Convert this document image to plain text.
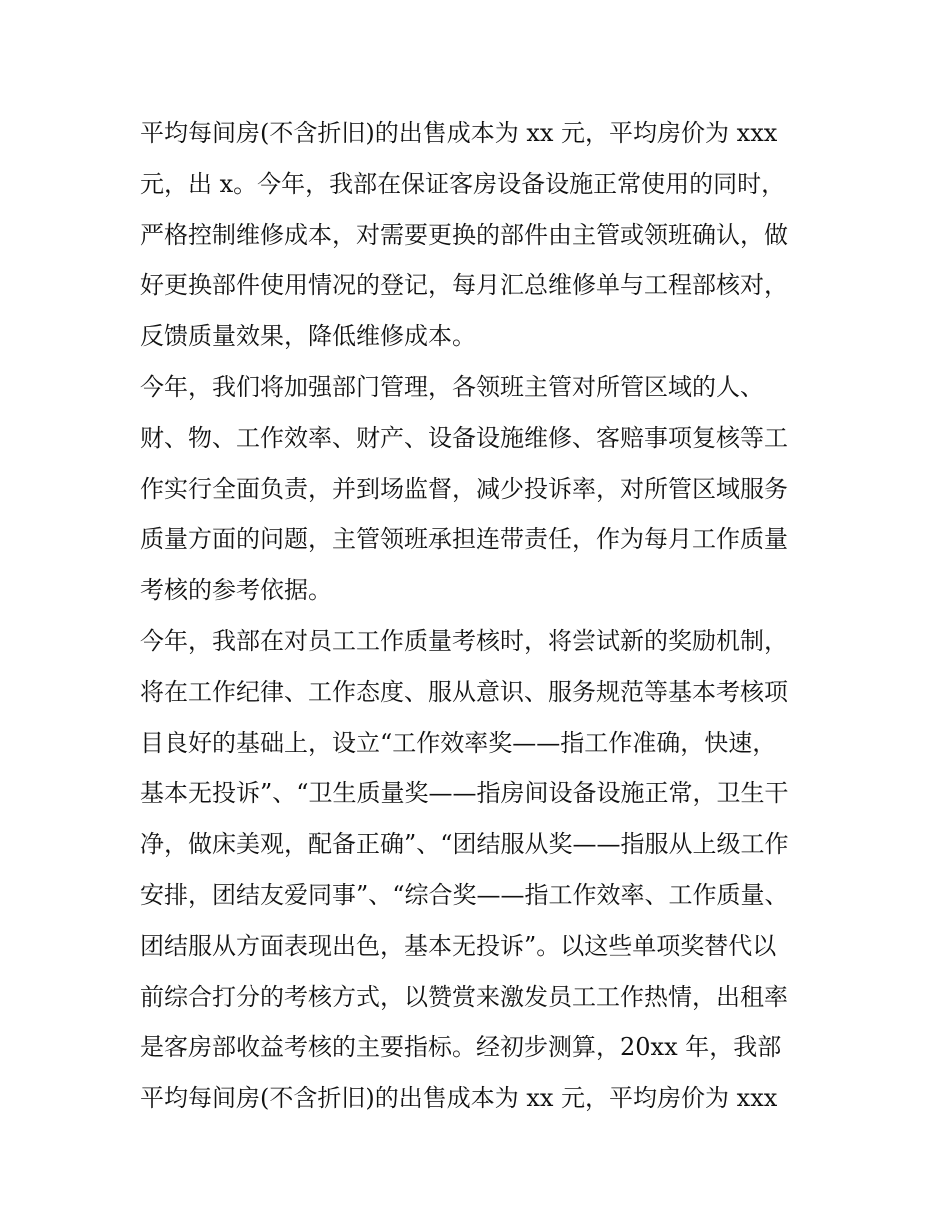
平均每间房(不含折旧)的出售成本为 xx 元，平均房价为 xxx
元，出 x。今年，我部在保证客房设备设施正常使用的同时，
严格控制维修成本，对需要更换的部件由主管或领班确认，做
好更换部件使用情况的登记，每月汇总维修单与工程部核对，
反馈质量效果，降低维修成本。
今年，我们将加强部门管理，各领班主管对所管区域的人、
财、物、工作效率、财产、设备设施维修、客赔事项复核等工
作实行全面负责，并到场监督，减少投诉率，对所管区域服务
质量方面的问题，主管领班承担连带责任，作为每月工作质量
考核的参考依据。
今年，我部在对员工工作质量考核时，将尝试新的奖励机制，
将在工作纪律、工作态度、服从意识、服务规范等基本考核项
目良好的基础上，设立“工作效率奖——指工作准确，快速，
基本无投诉”、“卫生质量奖——指房间设备设施正常，卫生干
净，做床美观，配备正确”、“团结服从奖——指服从上级工作
安排，团结友爱同事”、“综合奖——指工作效率、工作质量、
团结服从方面表现出色，基本无投诉”。以这些单项奖替代以
前综合打分的考核方式，以赞赏来激发员工工作热情，出租率
是客房部收益考核的主要指标。经初步测算，20xx 年，我部
平均每间房(不含折旧)的出售成本为 xx 元，平均房价为 xxx
